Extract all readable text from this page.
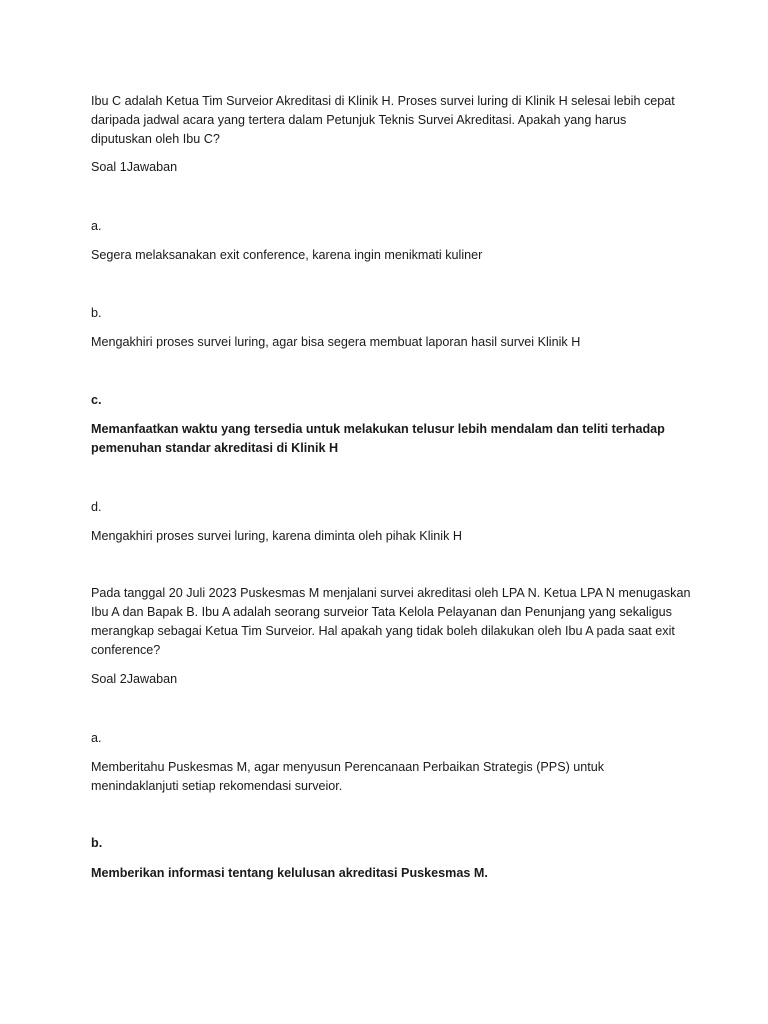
Ibu C adalah Ketua Tim Surveior Akreditasi di Klinik H. Proses survei luring di Klinik H selesai lebih cepat
daripada jadwal acara yang tertera dalam Petunjuk Teknis Survei Akreditasi. Apakah yang harus
diputuskan oleh Ibu C?

Soal 1Jawaban

a.

Segera melaksanakan exit conference, karena ingin menikmati kuliner

b.

Mengakhiri proses survei luring, agar bisa segera membuat laporan hasil survei Klinik H

c.

Memanfaatkan waktu yang tersedia untuk melakukan telusur lebih mendalam dan teliti terhadap
pemenuhan standar akreditasi di Klinik H

d.

Mengakhiri proses survei luring, karena diminta oleh pihak Klinik H

Pada tanggal 20 Juli 2023 Puskesmas M menjalani survei akreditasi oleh LPA N. Ketua LPA N menugaskan
Ibu A dan Bapak B. Ibu A adalah seorang surveior Tata Kelola Pelayanan dan Penunjang yang sekaligus
merangkap sebagai Ketua Tim Surveior. Hal apakah yang tidak boleh dilakukan oleh Ibu A pada saat exit
conference?

Soal 2Jawaban

a.

Memberitahu Puskesmas M, agar menyusun Perencanaan Perbaikan Strategis (PPS) untuk
menindaklanjuti setiap rekomendasi surveior.

b.

Memberikan informasi tentang kelulusan akreditasi Puskesmas M.
